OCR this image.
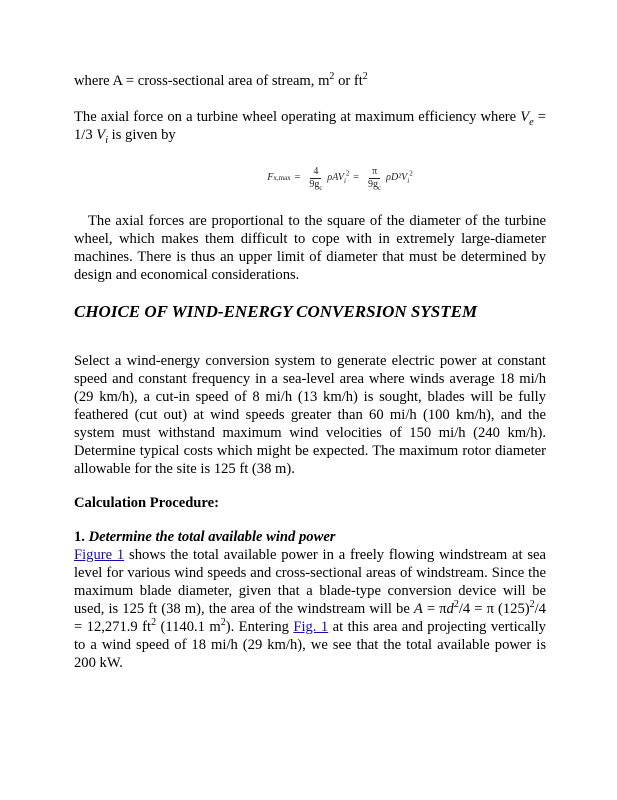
where A = cross-sectional area of stream, $m^2$ or $ft^2$

The axial force on a turbine wheel operating at maximum efficiency where $V_e = 1/3$ $V_i$ is given by

F $x,\max = \frac{4}{9g_c} \rho AV_i^2 = \frac{\pi}{9g_c} \rho D^2V_i^2$

The axial forces are proportional to the square of the diameter of the turbine wheel, which makes them difficult to cope with in extremely large-diameter machines. There is thus an upper limit of diameter that must be determined by design and economical considerations.

CHOICE OF WIND-ENERGY CONVERSION SYSTEM

Select a wind-energy conversion system to generate electric power at constant speed and constant frequency in a sea-level area where winds average 18 mi/h (29 km/h), a cut-in speed of 8 mi/h (13 km/h) is sought, blades will be fully feathered (cut out) at wind speeds greater than 60 mi/h (100 km/h), and the system must withstand maximum wind velocities of 150 mi/h (240 km/h). Determine typical costs which might be expected. The maximum rotor diameter allowable for the site is 125 ft (38 m).

Calculation Procedure:

1. Determine the total available wind power

Figure 1 shows the total available power in a freely flowing windstream at sea level for various wind speeds and cross-sectional areas of windstream. Since the maximum blade diameter, given that a blade-type conversion device will be used, is 125 ft (38 m), the area of the windstream will be $A = \pi d^2/4 = \pi$ $(125)^2/4 = 12,271.9$ $ft^2$ (1140.1 $m^2$). Entering Fig. 1 at this area and projecting vertically to a wind speed of 18 mi/h (29 km/h), we see that the total available power is 200 kW.
